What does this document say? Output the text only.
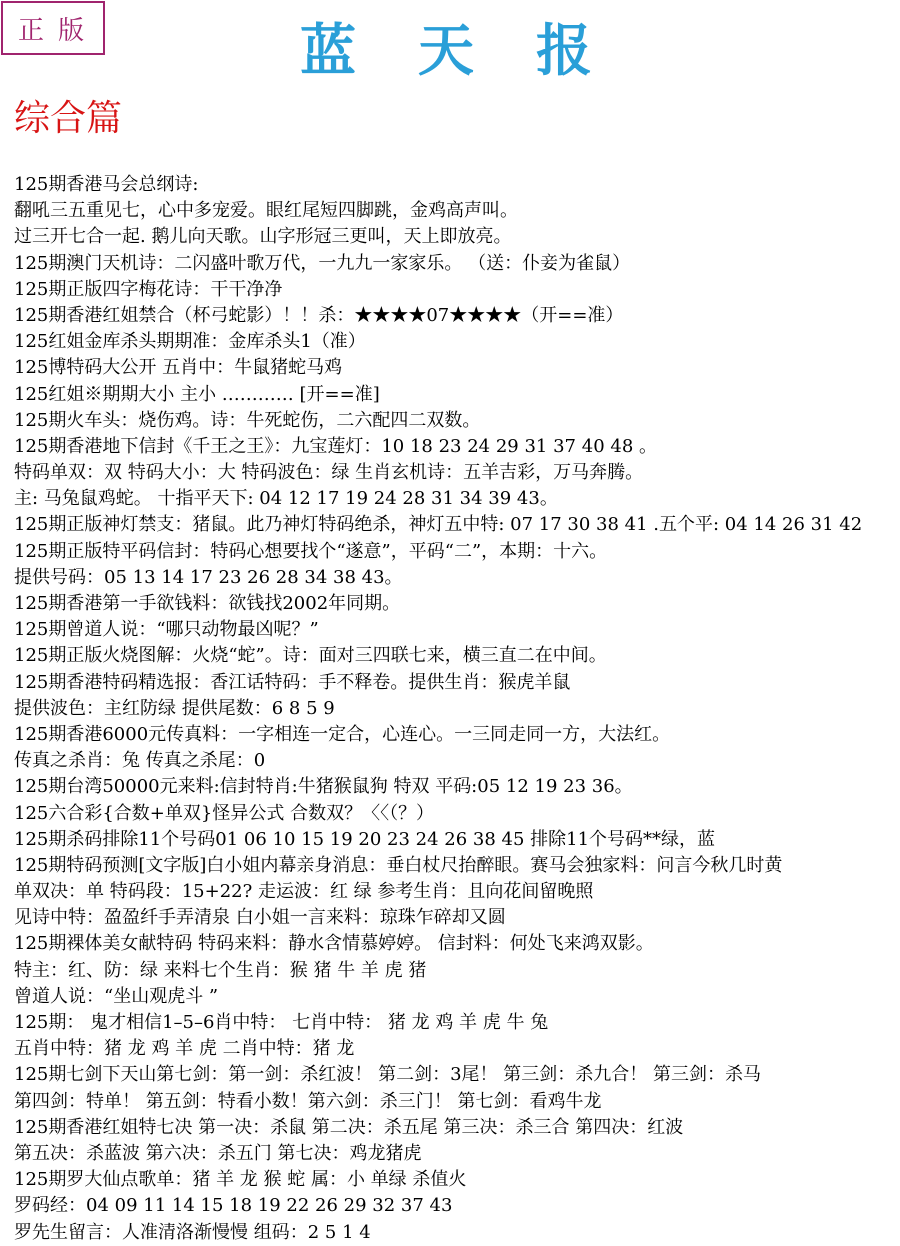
正版	蓝天报
综合篇
125期香港马会总纲诗:
翻吼三五重见七，心中多宠爱。眼红尾短四脚跳，金鸡高声叫。
过三开七合一起. 鹅儿向天歌。山字形冠三更叫，天上即放亮。
125期澳门天机诗：二闪盛叶歌万代，一九九一家家乐。 （送：仆妾为雀鼠）
125期正版四字梅花诗：干干净净
125期香港红姐禁合（杯弓蛇影）！！杀：★★★★07★★★★（开==准）
125红姐金库杀头期期准：金库杀头1（准）
125博特码大公开 五肖中：牛鼠猪蛇马鸡
125红姐※期期大小 主小 ………… [开==准]
125期火车头：烧伤鸡。诗：牛死蛇伤，二六配四二双数。
125期香港地下信封《千王之王》：九宝莲灯：10 18 23 24 29 31 37 40 48 。
特码单双：双 特码大小：大 特码波色：绿 生肖玄机诗：五羊吉彩，万马奔腾。
主: 马兔鼠鸡蛇。 十指平天下: 04 12 17 19 24 28 31 34 39 43。
125期正版神灯禁支：猪鼠。此乃神灯特码绝杀，神灯五中特: 07 17 30 38 41 .五个平: 04 14 26 31 42
125期正版特平码信封：特码心想要找个“遂意”，平码“二”，本期：十六。
提供号码：05 13 14 17 23 26 28 34 38 43。
125期香港第一手欲钱料：欲钱找2002年同期。
125期曾道人说：“哪只动物最凶呢？”
125期正版火烧图解：火烧“蛇”。诗：面对三四联七来，横三直二在中间。
125期香港特码精选报：香江话特码：手不释卷。提供生肖：猴虎羊鼠
提供波色：主红防绿 提供尾数：6 8 5 9
125期香港6000元传真料：一字相连一定合，心连心。一三同走同一方，大法红。
传真之杀肖：兔 传真之杀尾：0
125期台湾50000元来料:信封特肖:牛猪猴鼠狗 特双 平码:05 12 19 23 36。
125六合彩{合数+单双}怪异公式 合数双？〈〈（？）
125期杀码排除11个号码01 06 10 15 19 20 23 24 26 38 45 排除11个号码**绿，蓝
125期特码预测[文字版]白小姐内幕亲身消息：垂白杖尺抬醉眼。赛马会独家料：问言今秋几时黄
单双决：单 特码段：15+22? 走运波：红 绿 参考生肖：且向花间留晚照
见诗中特：盈盈纤手弄清泉 白小姐一言来料：琼珠乍碎却又圆
125期裸体美女献特码 特码来料：静水含情慕婷婷。 信封料：何处飞来鸿双影。
特主：红、防：绿 来料七个生肖：猴 猪 牛 羊 虎 猪
曾道人说：“坐山观虎斗 ”
125期： 鬼才相信1–5–6肖中特： 七肖中特： 猪 龙 鸡 羊 虎 牛 兔
五肖中特：猪 龙 鸡 羊 虎 二肖中特：猪 龙
125期七剑下天山第七剑：第一剑：杀红波！ 第二剑：3尾！ 第三剑：杀九合！ 第三剑：杀马
第四剑：特单！ 第五剑：特看小数！第六剑：杀三门！ 第七剑：看鸡牛龙
125期香港红姐特七决 第一决：杀鼠 第二决：杀五尾 第三决：杀三合 第四决：红波
第五决：杀蓝波 第六决：杀五门 第七决：鸡龙猪虎
125期罗大仙点歌单：猪 羊 龙 猴 蛇 属：小 单绿 杀值火
罗码经：04 09 11 14 15 18 19 22 26 29 32 37 43
罗先生留言：人准清洛渐慢慢 组码：2 5 1 4
